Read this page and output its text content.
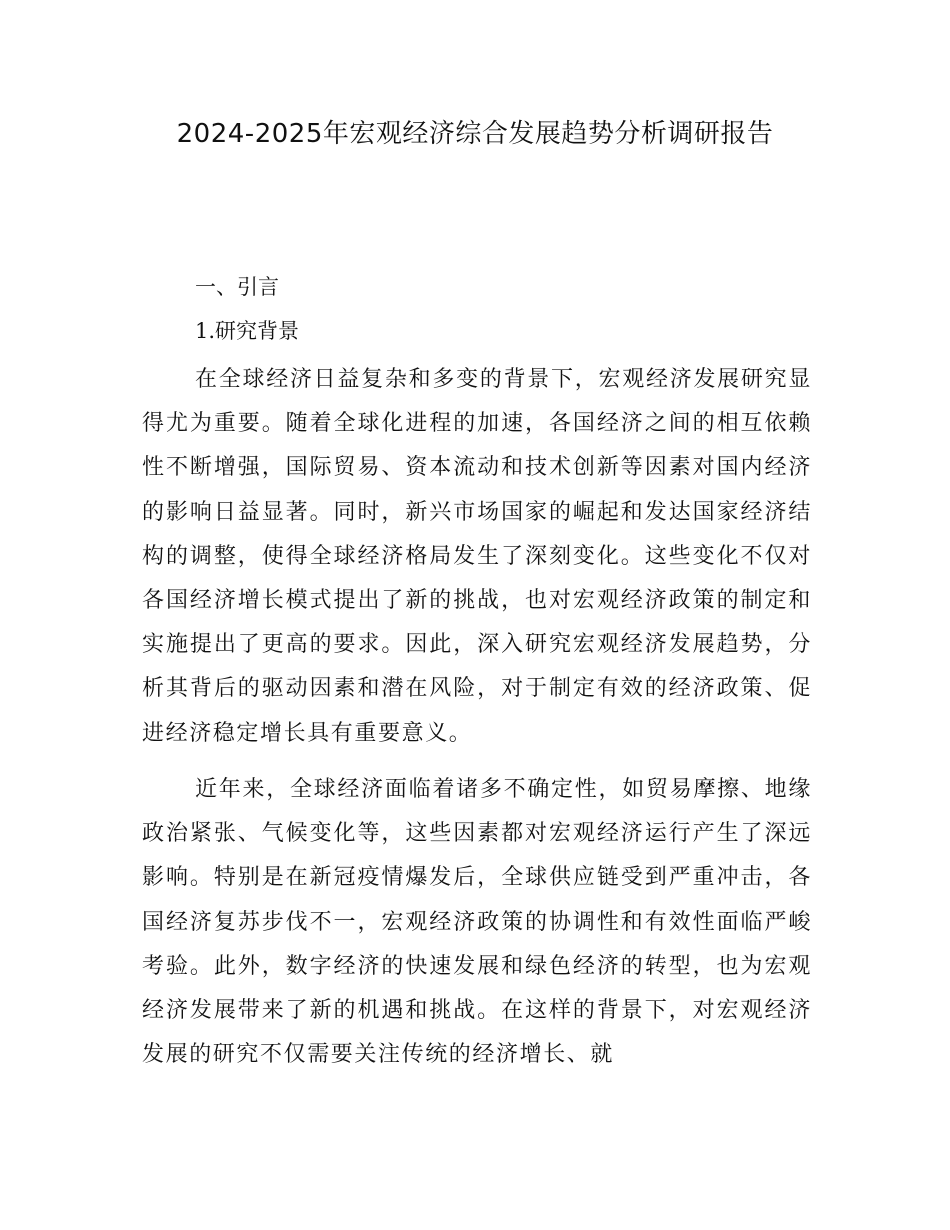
2024-2025年宏观经济综合发展趋势分析调研报告
一、引言
1.研究背景

在全球经济日益复杂和多变的背景下，宏观经济发展研究显得尤为重要。随着全球化进程的加速，各国经济之间的相互依赖性不断增强，国际贸易、资本流动和技术创新等因素对国内经济的影响日益显著。同时，新兴市场国家的崛起和发达国家经济结构的调整，使得全球经济格局发生了深刻变化。这些变化不仅对各国经济增长模式提出了新的挑战，也对宏观经济政策的制定和实施提出了更高的要求。因此，深入研究宏观经济发展趋势，分析其背后的驱动因素和潜在风险，对于制定有效的经济政策、促进经济稳定增长具有重要意义。

近年来，全球经济面临着诸多不确定性，如贸易摩擦、地缘政治紧张、气候变化等，这些因素都对宏观经济运行产生了深远影响。特别是在新冠疫情爆发后，全球供应链受到严重冲击，各国经济复苏步伐不一，宏观经济政策的协调性和有效性面临严峻考验。此外，数字经济的快速发展和绿色经济的转型，也为宏观经济发展带来了新的机遇和挑战。在这样的背景下，对宏观经济发展的研究不仅需要关注传统的经济增长、就
